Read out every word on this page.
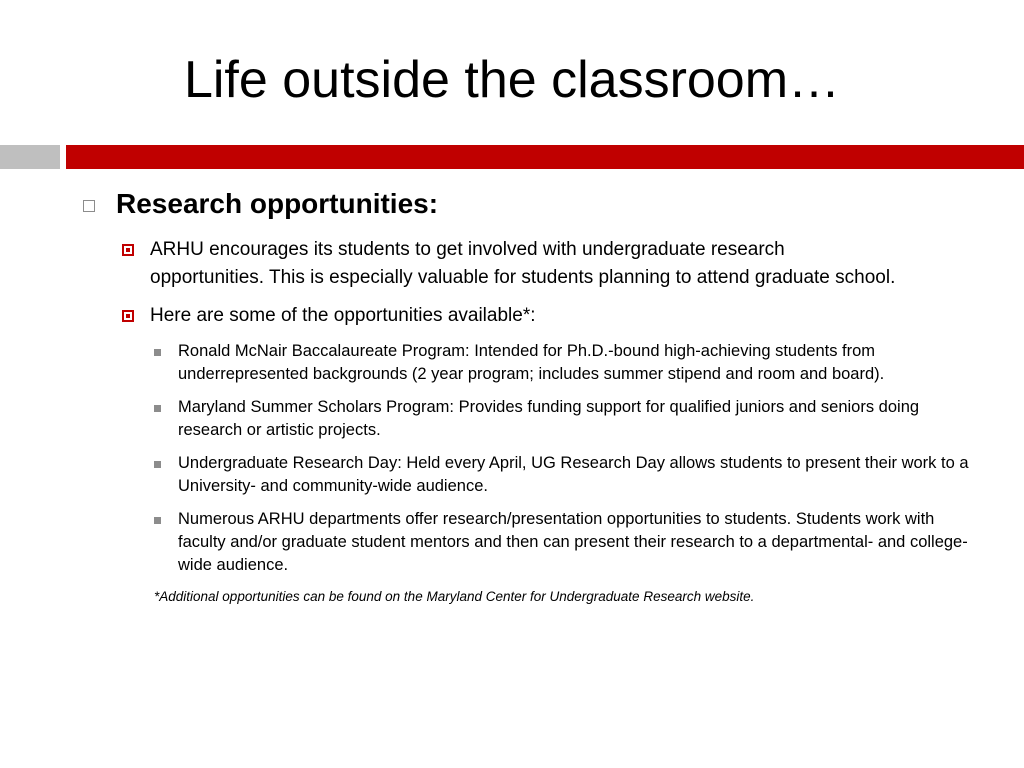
Life outside the classroom…
Research opportunities:
ARHU encourages its students to get involved with undergraduate research opportunities. This is especially valuable for students planning to attend graduate school.
Here are some of the opportunities available*:
Ronald McNair Baccalaureate Program: Intended for Ph.D.-bound high-achieving students from underrepresented backgrounds (2 year program; includes summer stipend and room and board).
Maryland Summer Scholars Program: Provides funding support for qualified juniors and seniors doing research or artistic projects.
Undergraduate Research Day: Held every April, UG Research Day allows students to present their work to a University- and community-wide audience.
Numerous ARHU departments offer research/presentation opportunities to students. Students work with faculty and/or graduate student mentors and then can present their research to a departmental- and college-wide audience.
*Additional opportunities can be found on the Maryland Center for Undergraduate Research website.
